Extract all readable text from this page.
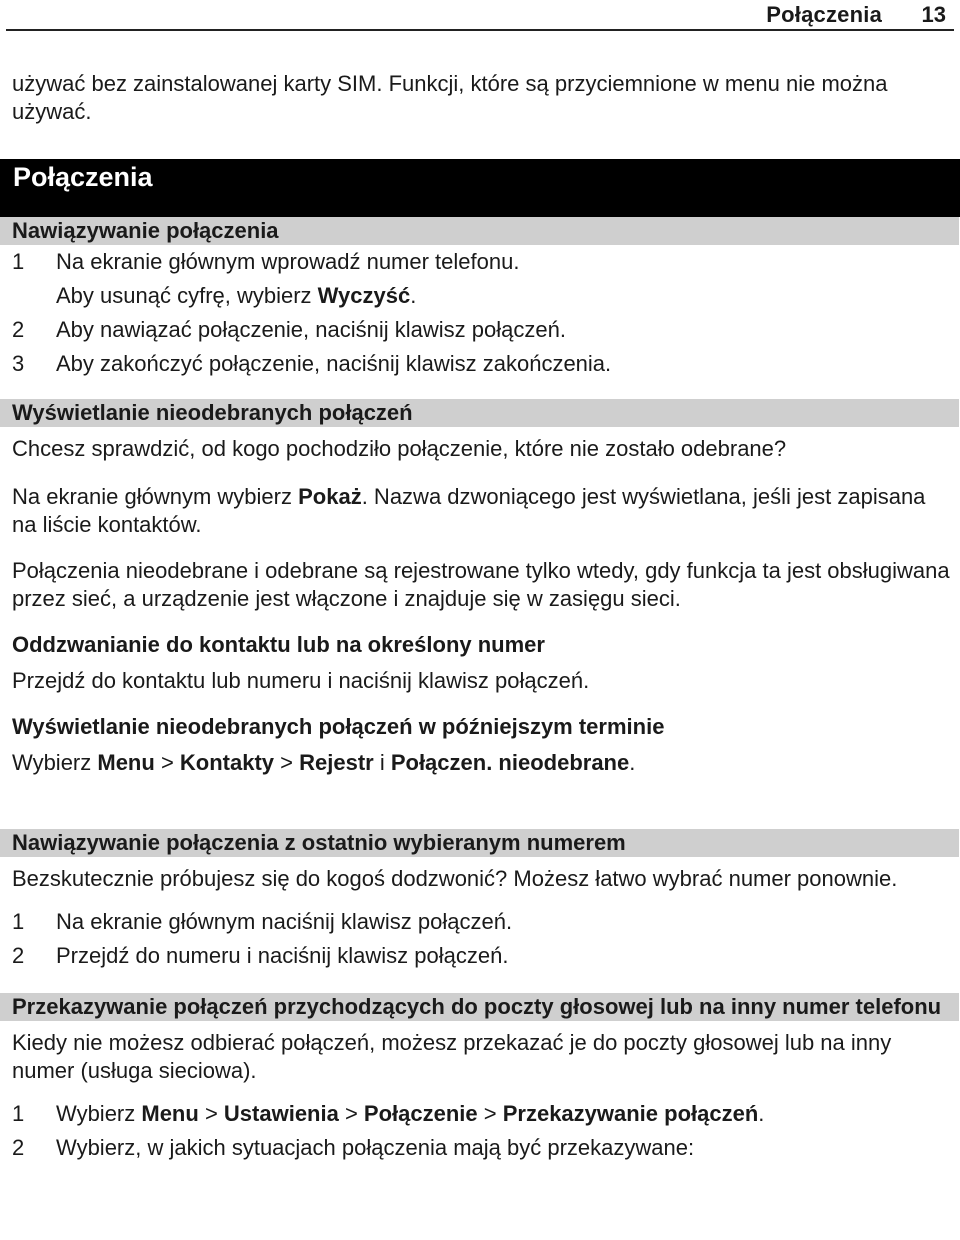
Połączenia 13

używać bez zainstalowanej karty SIM. Funkcji, które są przyciemnione w menu nie można używać.

Połączenia
Nawiązywanie połączenia
1	Na ekranie głównym wprowadź numer telefonu.
Aby usunąć cyfrę, wybierz Wyczyść.
2	Aby nawiązać połączenie, naciśnij klawisz połączeń.
3	Aby zakończyć połączenie, naciśnij klawisz zakończenia.
Wyświetlanie nieodebranych połączeń

Chcesz sprawdzić, od kogo pochodziło połączenie, które nie zostało odebrane?

Na ekranie głównym wybierz Pokaż. Nazwa dzwoniącego jest wyświetlana, jeśli jest zapisana na liście kontaktów.

Połączenia nieodebrane i odebrane są rejestrowane tylko wtedy, gdy funkcja ta jest obsługiwana przez sieć, a urządzenie jest włączone i znajduje się w zasięgu sieci.

Oddzwanianie do kontaktu lub na określony numer

Przejdź do kontaktu lub numeru i naciśnij klawisz połączeń.

Wyświetlanie nieodebranych połączeń w późniejszym terminie

Wybierz Menu > Kontakty > Rejestr i Połączen. nieodebrane.

Nawiązywanie połączenia z ostatnio wybieranym numerem

Bezskutecznie próbujesz się do kogoś dodzwonić? Możesz łatwo wybrać numer ponownie.

1	Na ekranie głównym naciśnij klawisz połączeń.
2	Przejdź do numeru i naciśnij klawisz połączeń.
Przekazywanie połączeń przychodzących do poczty głosowej lub na inny numer telefonu

Kiedy nie możesz odbierać połączeń, możesz przekazać je do poczty głosowej lub na inny numer (usługa sieciowa).

1	Wybierz Menu > Ustawienia > Połączenie > Przekazywanie połączeń.
2	Wybierz, w jakich sytuacjach połączenia mają być przekazywane:
